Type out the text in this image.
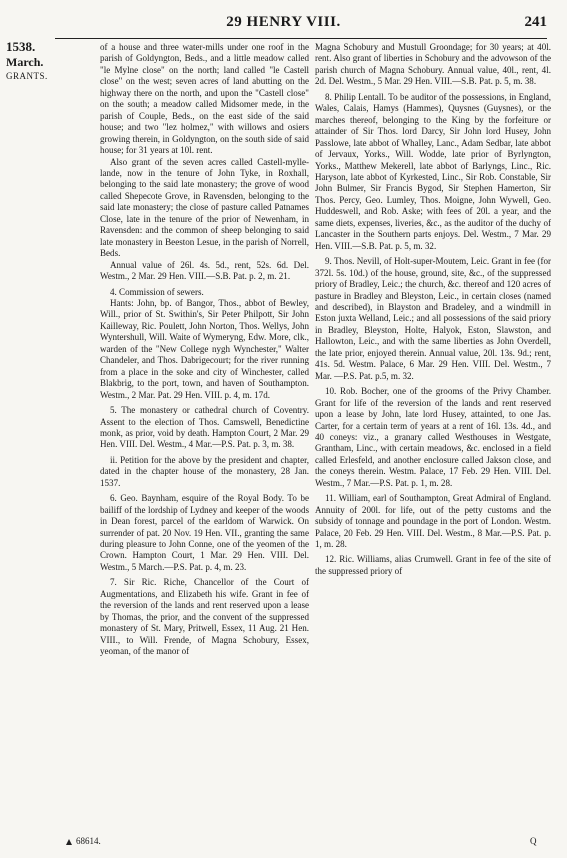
29 HENRY VIII.	241
1538.
March.
GRANTS.

of a house and three water-mills under one roof in the parish of Goldyngton, Beds., and a little meadow called "le Mylne close" on the north; land called "le Castell close" on the west; seven acres of land abutting on the highway there on the north, and upon the "Castell close" on the south; a meadow called Midsomer mede, in the parish of Couple, Beds., on the east side of the said house; and two "lez holmez," with willows and osiers growing therein, in Goldyngton, on the south side of said house; for 31 years at 10l. rent.

Also grant of the seven acres called Castell-mylle-lande, now in the tenure of John Tyke, in Roxhall, belonging to the said late monastery; the grove of wood called Shepecote Grove, in Ravensden, belonging to the said late monastery; the close of pasture called Patnames Close, late in the tenure of the prior of Newenham, in Ravensden: and the common of sheep belonging to said late monastery in Beeston Lesue, in the parish of Norrell, Beds.

Annual value of 26l. 4s. 5d., rent, 52s. 6d. Del. Westm., 2 Mar. 29 Hen. VIII.—S.B. Pat. p. 2, m. 21.

4. Commission of sewers.

Hants: John, bp. of Bangor, Thos., abbot of Bewley, Will., prior of St. Swithin's, Sir Peter Philpott, Sir John Kailleway, Ric. Poulett, John Norton, Thos. Wellys, John Wyntershull, Will. Waite of Wymeryng, Edw. More, clk., warden of the "New College nygh Wynchester," Walter Chandeler, and Thos. Dabrigecourt; for the river running from a place in the soke and city of Winchester, called Blakbrig, to the port, town, and haven of Southampton. Westm., 2 Mar. Pat. 29 Hen. VIII. p. 4, m. 17d.

5. The monastery or cathedral church of Coventry. Assent to the election of Thos. Camswell, Benedictine monk, as prior, void by death. Hampton Court, 2 Mar. 29 Hen. VIII. Del. Westm., 4 Mar.—P.S. Pat. p. 3, m. 38.

ii. Petition for the above by the president and chapter, dated in the chapter house of the monastery, 28 Jan. 1537.

6. Geo. Baynham, esquire of the Royal Body. To be bailiff of the lordship of Lydney and keeper of the woods in Dean forest, parcel of the earldom of Warwick. On surrender of pat. 20 Nov. 19 Hen. VII., granting the same during pleasure to John Conne, one of the yeomen of the Crown. Hampton Court, 1 Mar. 29 Hen. VIII. Del. Westm., 5 March.—P.S. Pat. p. 4, m. 23.

7. Sir Ric. Riche, Chancellor of the Court of Augmentations, and Elizabeth his wife. Grant in fee of the reversion of the lands and rent reserved upon a lease by Thomas, the prior, and the convent of the suppressed monastery of St. Mary, Pritwell, Essex, 11 Aug. 21 Hen. VIII., to Will. Frende, of Magna Schobury, Essex, yeoman, of the manor of

Magna Schobury and Mustull Groondage; for 30 years; at 40l. rent. Also grant of liberties in Schobury and the advowson of the parish church of Magna Schobury. Annual value, 40l., rent, 4l. 2d. Del. Westm., 5 Mar. 29 Hen. VIII.—S.B. Pat. p. 5, m. 38.

8. Philip Lentall. To be auditor of the possessions, in England, Wales, Calais, Hamys (Hammes), Quysnes (Guysnes), or the marches thereof, belonging to the King by the forfeiture or attainder of Sir Thos. lord Darcy, Sir John lord Husey, John Passlowe, late abbot of Whalley, Lanc., Adam Sedbar, late abbot of Jervaux, Yorks., Will. Wodde, late prior of Byrlyngton, Yorks., Matthew Mekerell, late abbot of Barlyngs, Linc., Ric. Haryson, late abbot of Kyrkested, Linc., Sir Rob. Constable, Sir John Bulmer, Sir Francis Bygod, Sir Stephen Hamerton, Sir Thos. Percy, Geo. Lumley, Thos. Moigne, John Wywell, Geo. Huddeswell, and Rob. Aske; with fees of 20l. a year, and the same diets, expenses, liveries, &c., as the auditor of the duchy of Lancaster in the Southern parts enjoys. Del. Westm., 7 Mar. 29 Hen. VIII.—S.B. Pat. p. 5, m. 32.

9. Thos. Nevill, of Holt-super-Moutem, Leic. Grant in fee (for 372l. 5s. 10d.) of the house, ground, site, &c., of the suppressed priory of Bradley, Leic.; the church, &c. thereof and 120 acres of pasture in Bradley and Bleyston, Leic., in certain closes (named and described), in Blayston and Bradeley, and a windmill in Eston juxta Welland, Leic.; and all possessions of the said priory in Bradley, Bleyston, Holte, Halyok, Eston, Slawston, and Hallowton, Leic., and with the same liberties as John Overdell, the late prior, enjoyed therein. Annual value, 20l. 13s. 9d.; rent, 41s. 5d. Westm. Palace, 6 Mar. 29 Hen. VIII. Del. Westm., 7 Mar. —P.S. Pat. p.5, m. 32.

10. Rob. Bocher, one of the grooms of the Privy Chamber. Grant for life of the reversion of the lands and rent reserved upon a lease by John, late lord Husey, attainted, to one Jas. Carter, for a certain term of years at a rent of 16l. 13s. 4d., and 40 coneys: viz., a granary called Westhouses in Westgate, Grantham, Linc., with certain meadows, &c. enclosed in a field called Erlesfeld, and another enclosure called Jakson close, and the coneys therein. Westm. Palace, 17 Feb. 29 Hen. VIII. Del. Westm., 7 Mar.—P.S. Pat. p. 1, m. 28.

11. William, earl of Southampton, Great Admiral of England. Annuity of 200l. for life, out of the petty customs and the subsidy of tonnage and poundage in the port of London. Westm. Palace, 20 Feb. 29 Hen. VIII. Del. Westm., 8 Mar.—P.S. Pat. p. 1, m. 28.

12. Ric. Williams, alias Crumwell. Grant in fee of the site of the suppressed priory of

68614.	Q
